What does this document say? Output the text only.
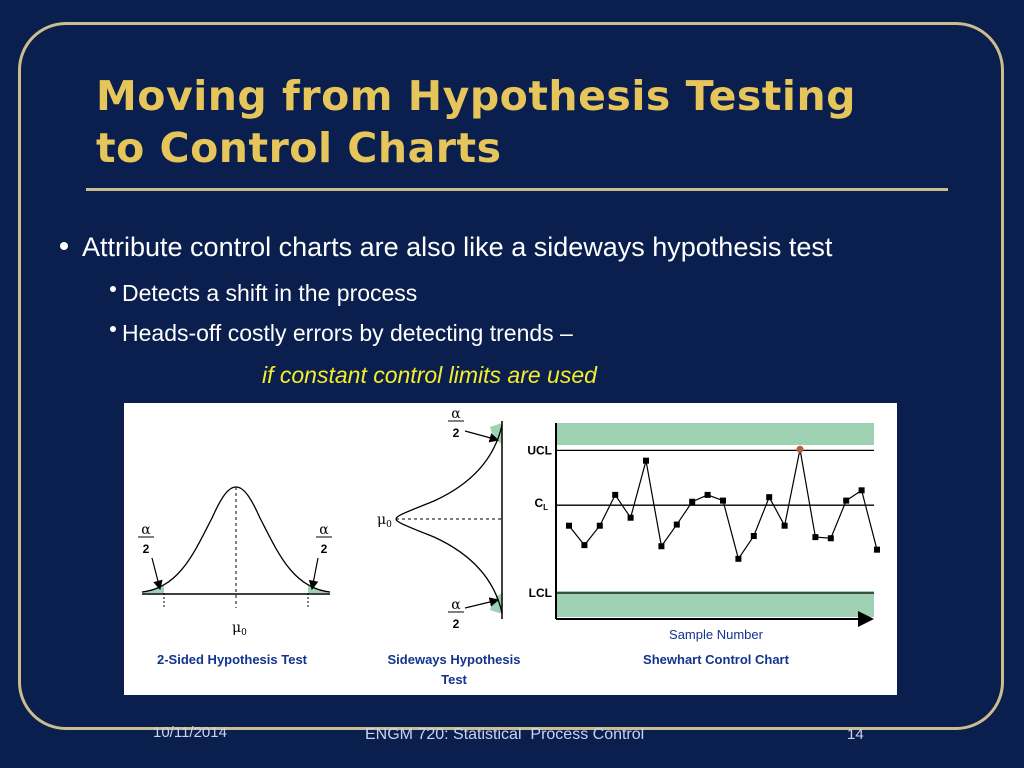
Moving from Hypothesis Testing
to Control Charts
Attribute control charts are also like a sideways hypothesis test
Detects a shift in the process
Heads-off costly errors by detecting trends –
if constant control limits are used
α
2
α
2
$\mu_0$
2-Sided Hypothesis Test
$\mu_0$
α
2
α
2
Sideways Hypothesis
Test
UCL
$C_L$
LCL
Sample Number
Shewhart Control Chart
10/11/2014	ENGM 720: Statistical  Process Control	14
